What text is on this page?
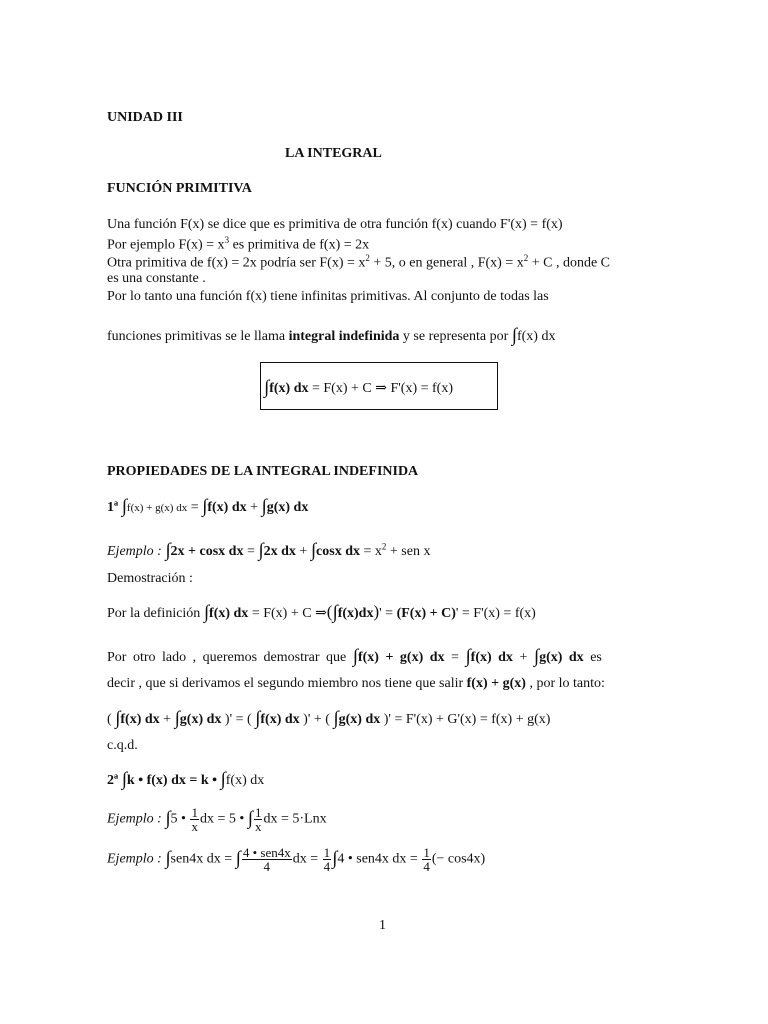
UNIDAD III
LA INTEGRAL
FUNCIÓN PRIMITIVA
Una función F(x) se dice que es primitiva de otra función f(x) cuando F'(x) = f(x)
Por ejemplo $F(x) = x^3$ es primitiva de f(x) = 2x
Otra primitiva de f(x) = 2x podría ser $F(x) = x^2 + 5$, o en general , $F(x) = x^2 + C$ , donde C
es una constante .
Por lo tanto una función f(x) tiene infinitas primitivas. Al conjunto de todas las
funciones primitivas se le llama integral indefinida y se representa por ∫f(x) dx
∫f(x) dx = F(x) + C ⇒ F'(x) = f(x)
PROPIEDADES DE LA INTEGRAL INDEFINIDA
1ª ∫f(x) + g(x) dx = ∫f(x) dx + ∫g(x) dx
Ejemplo : ∫2x + cosx dx = ∫2x dx + ∫cosx dx = $x^2$ + sen x
Demostración :
Por la definición ∫f(x) dx = F(x) + C ⇒(∫f(x)dx)' = (F(x) + C)' = F'(x) = f(x)
Por otro lado , queremos demostrar que ∫f(x) + g(x) dx = ∫f(x) dx + ∫g(x) dx es
decir , que si derivamos el segundo miembro nos tiene que salir f(x) + g(x) , por lo tanto:
( ∫f(x) dx + ∫g(x) dx )' = ( ∫f(x) dx )' + ( ∫g(x) dx )' = F'(x) + G'(x) = f(x) + g(x)
c.q.d.
2ª ∫k • f(x) dx = k • ∫f(x) dx
Ejemplo : ∫5 • $\frac{1}{x}$ dx = 5 • ∫ $\frac{1}{x}$ dx = 5·Lnx
Ejemplo : ∫sen4x dx = ∫ $\frac{\text{4 • sen4x}}{4}$ dx = $\frac{1}{4} \int 4$ • sen4x dx = $\frac{1}{4}$ (− cos4x)
1
